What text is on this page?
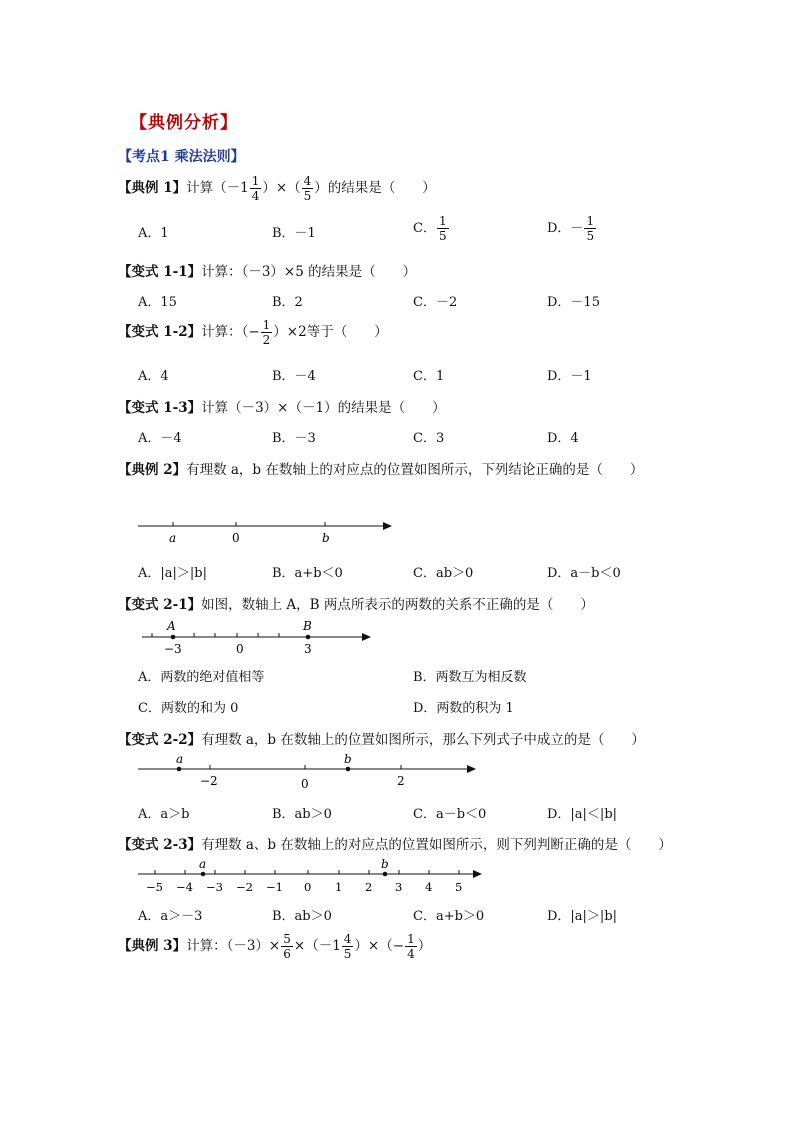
【典例分析】
【考点1 乘法法则】
【典例 1】计算（$-1 \frac{1}{4}$ ）×（ $\frac{4}{5}$ ）的结果是（　　）
A．1	B．－1	C． $\frac{1}{5}$	D．－ $\frac{1}{5}$
【变式 1-1】计算：（－3）×5 的结果是（　　）
A．15	B．2	C．－2	D．－15
【变式 1-2】计算：（− $\frac{1}{2} )\times 2$等于（　　）
A．4	B．－4	C．1	D．－1
【变式 1-3】计算（－3）×（－1）的结果是（　　）
A．－4	B．－3	C．3	D．4
【典例 2】有理数 a，b 在数轴上的对应点的位置如图所示，下列结论正确的是（　　）
a	0	b
A．|a|＞|b|	B．a+b＜0	C．ab＞0	D．a－b＜0
【变式 2-1】如图，数轴上 A，B 两点所表示的两数的关系不正确的是（　　）
A	B
−3	0	3
A．两数的绝对值相等	B．两数互为相反数
C．两数的和为 0	D．两数的积为 1
【变式 2-2】有理数 a，b 在数轴上的位置如图所示，那么下列式子中成立的是（　　）
a	b
−2	0	2
A．a＞b	B．ab＞0	C．a－b＜0	D．|a|＜|b|
【变式 2-3】有理数 a、b 在数轴上的对应点的位置如图所示，则下列判断正确的是（　　）
a	b
−5 −4 −3 −2 −1 0 1 2 3 4 5
A．a＞－3	B．ab＞0	C．a+b＞0	D．|a|＞|b|
【典例 3】计算：$(-3)\times \frac{5}{6} \times(-1 \frac{4}{5}$ ）×（− $\frac{1}{4}$ ）
